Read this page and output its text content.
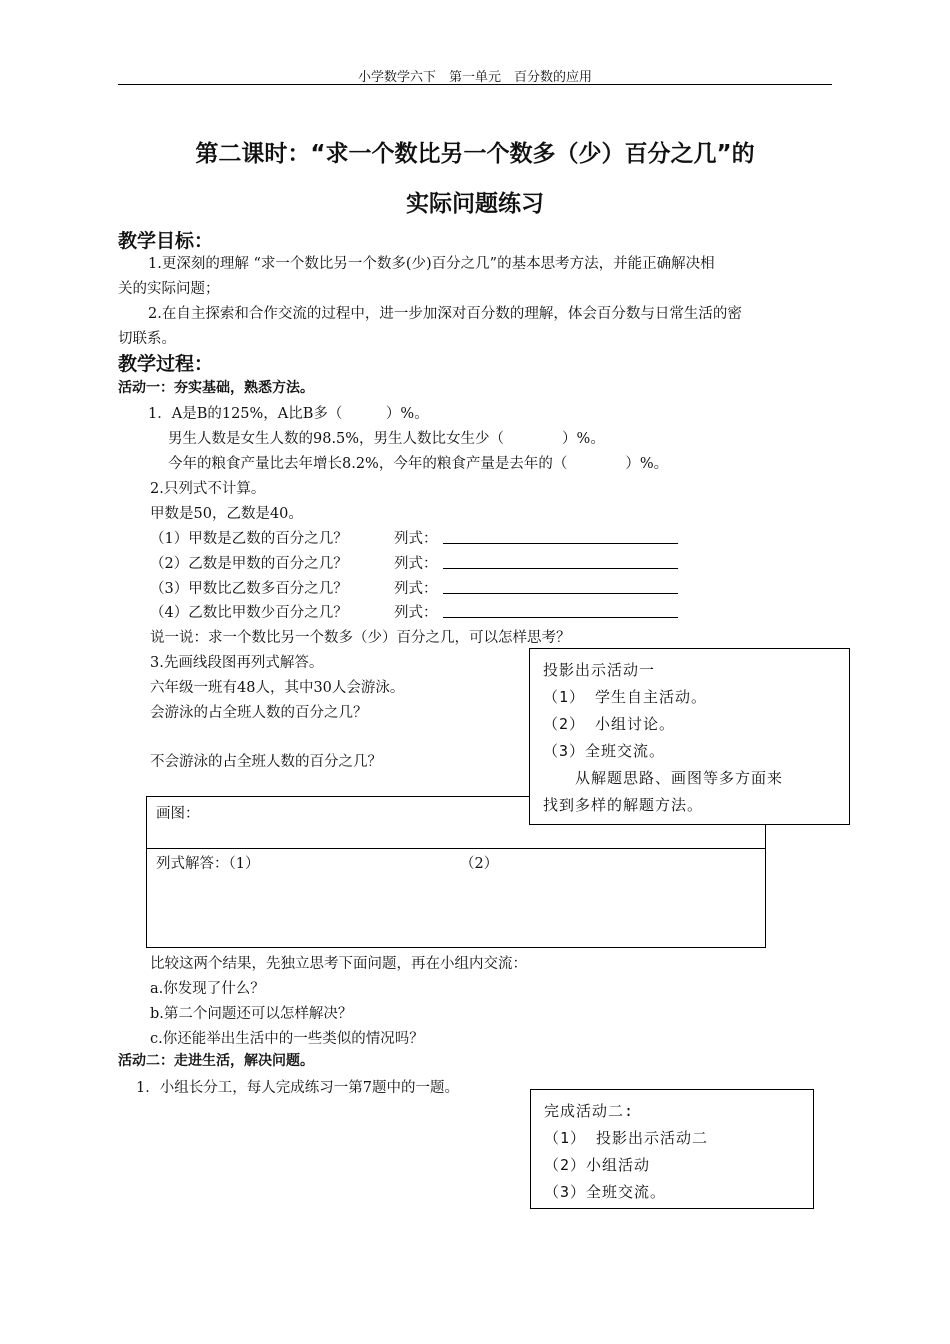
小学数学六下　第一单元　百分数的应用
第二课时：“求一个数比另一个数多（少）百分之几”的
实际问题练习
教学目标：
1.更深刻的理解 “求一个数比另一个数多(少)百分之几”的基本思考方法，并能正确解决相
关的实际问题；
2.在自主探索和合作交流的过程中，进一步加深对百分数的理解，体会百分数与日常生活的密
切联系。
教学过程：
活动一：夯实基础，熟悉方法。
1．A是B的125%，A比B多（　　　）%。
男生人数是女生人数的98.5%，男生人数比女生少（　　　　）%。
今年的粮食产量比去年增长8.2%，今年的粮食产量是去年的（　　　　）%。
2.只列式不计算。
甲数是50，乙数是40。
（1）甲数是乙数的百分之几？	列式：
（2）乙数是甲数的百分之几？	列式：
（3）甲数比乙数多百分之几？	列式：
（4）乙数比甲数少百分之几？	列式：
说一说：求一个数比另一个数多（少）百分之几，可以怎样思考？
3.先画线段图再列式解答。
六年级一班有48人，其中30人会游泳。
会游泳的占全班人数的百分之几？
不会游泳的占全班人数的百分之几？
画图：
列式解答：（1）	（2）
投影出示活动一
（1） 学生自主活动。
（2） 小组讨论。
（3）全班交流。
　　从解题思路、画图等多方面来
找到多样的解题方法。
比较这两个结果，先独立思考下面问题，再在小组内交流：
a.你发现了什么？
b.第二个问题还可以怎样解决？
c.你还能举出生活中的一些类似的情况吗？
活动二：走进生活，解决问题。
1．小组长分工，每人完成练习一第7题中的一题。
完成活动二:
（1） 投影出示活动二
（2）小组活动
（3）全班交流。
